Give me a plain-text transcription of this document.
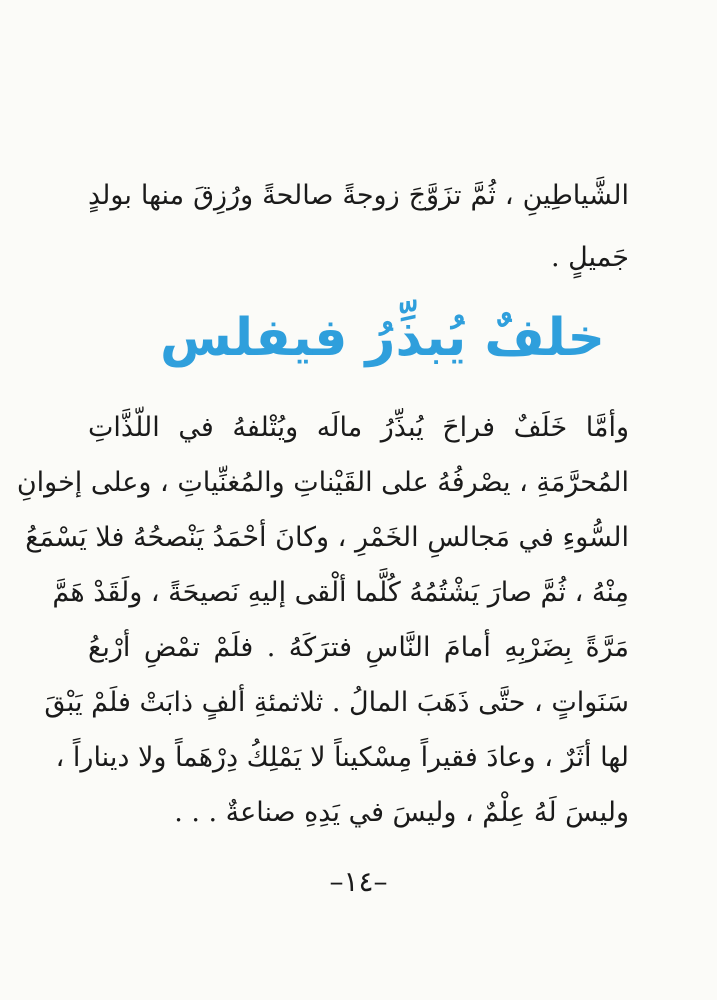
الشَّياطِينِ ، ثُمَّ تزَوَّجَ زوجةً صالحةً ورُزِقَ منها بولدٍ
جَميلٍ .
خلفٌ يُبذِّرُ فيفلس
وأمَّا خَلَفٌ فراحَ يُبذِّرُ مالَه ويُتْلفهُ في اللّذَّاتِ
المُحرَّمَةِ ، يصْرفُهُ على القَيْناتِ والمُغنِّياتِ ، وعلى إخوانِ
السُّوءِ في مَجالسِ الخَمْرِ ، وكانَ أحْمَدُ يَنْصحُهُ فلا يَسْمَعُ
مِنْهُ ، ثُمَّ صارَ يَشْتُمُهُ كُلَّما ألْقى إليهِ نَصيحَةً ، ولَقَدْ هَمَّ
مَرَّةً بِضَرْبِهِ أمامَ النَّاسِ فترَكَهُ . فلَمْ تمْضِ أرْبعُ
سَنَواتٍ ، حتَّى ذَهَبَ المالُ . ثلاثمئةِ ألفٍ ذابَتْ فلَمْ يَبْقَ
لها أثَرٌ ، وعادَ فقيراً مِسْكيناً لا يَمْلِكُ دِرْهَماً ولا ديناراً ،
وليسَ لَهُ عِلْمٌ ، وليسَ في يَدِهِ صناعةٌ . . .
–١٤–
